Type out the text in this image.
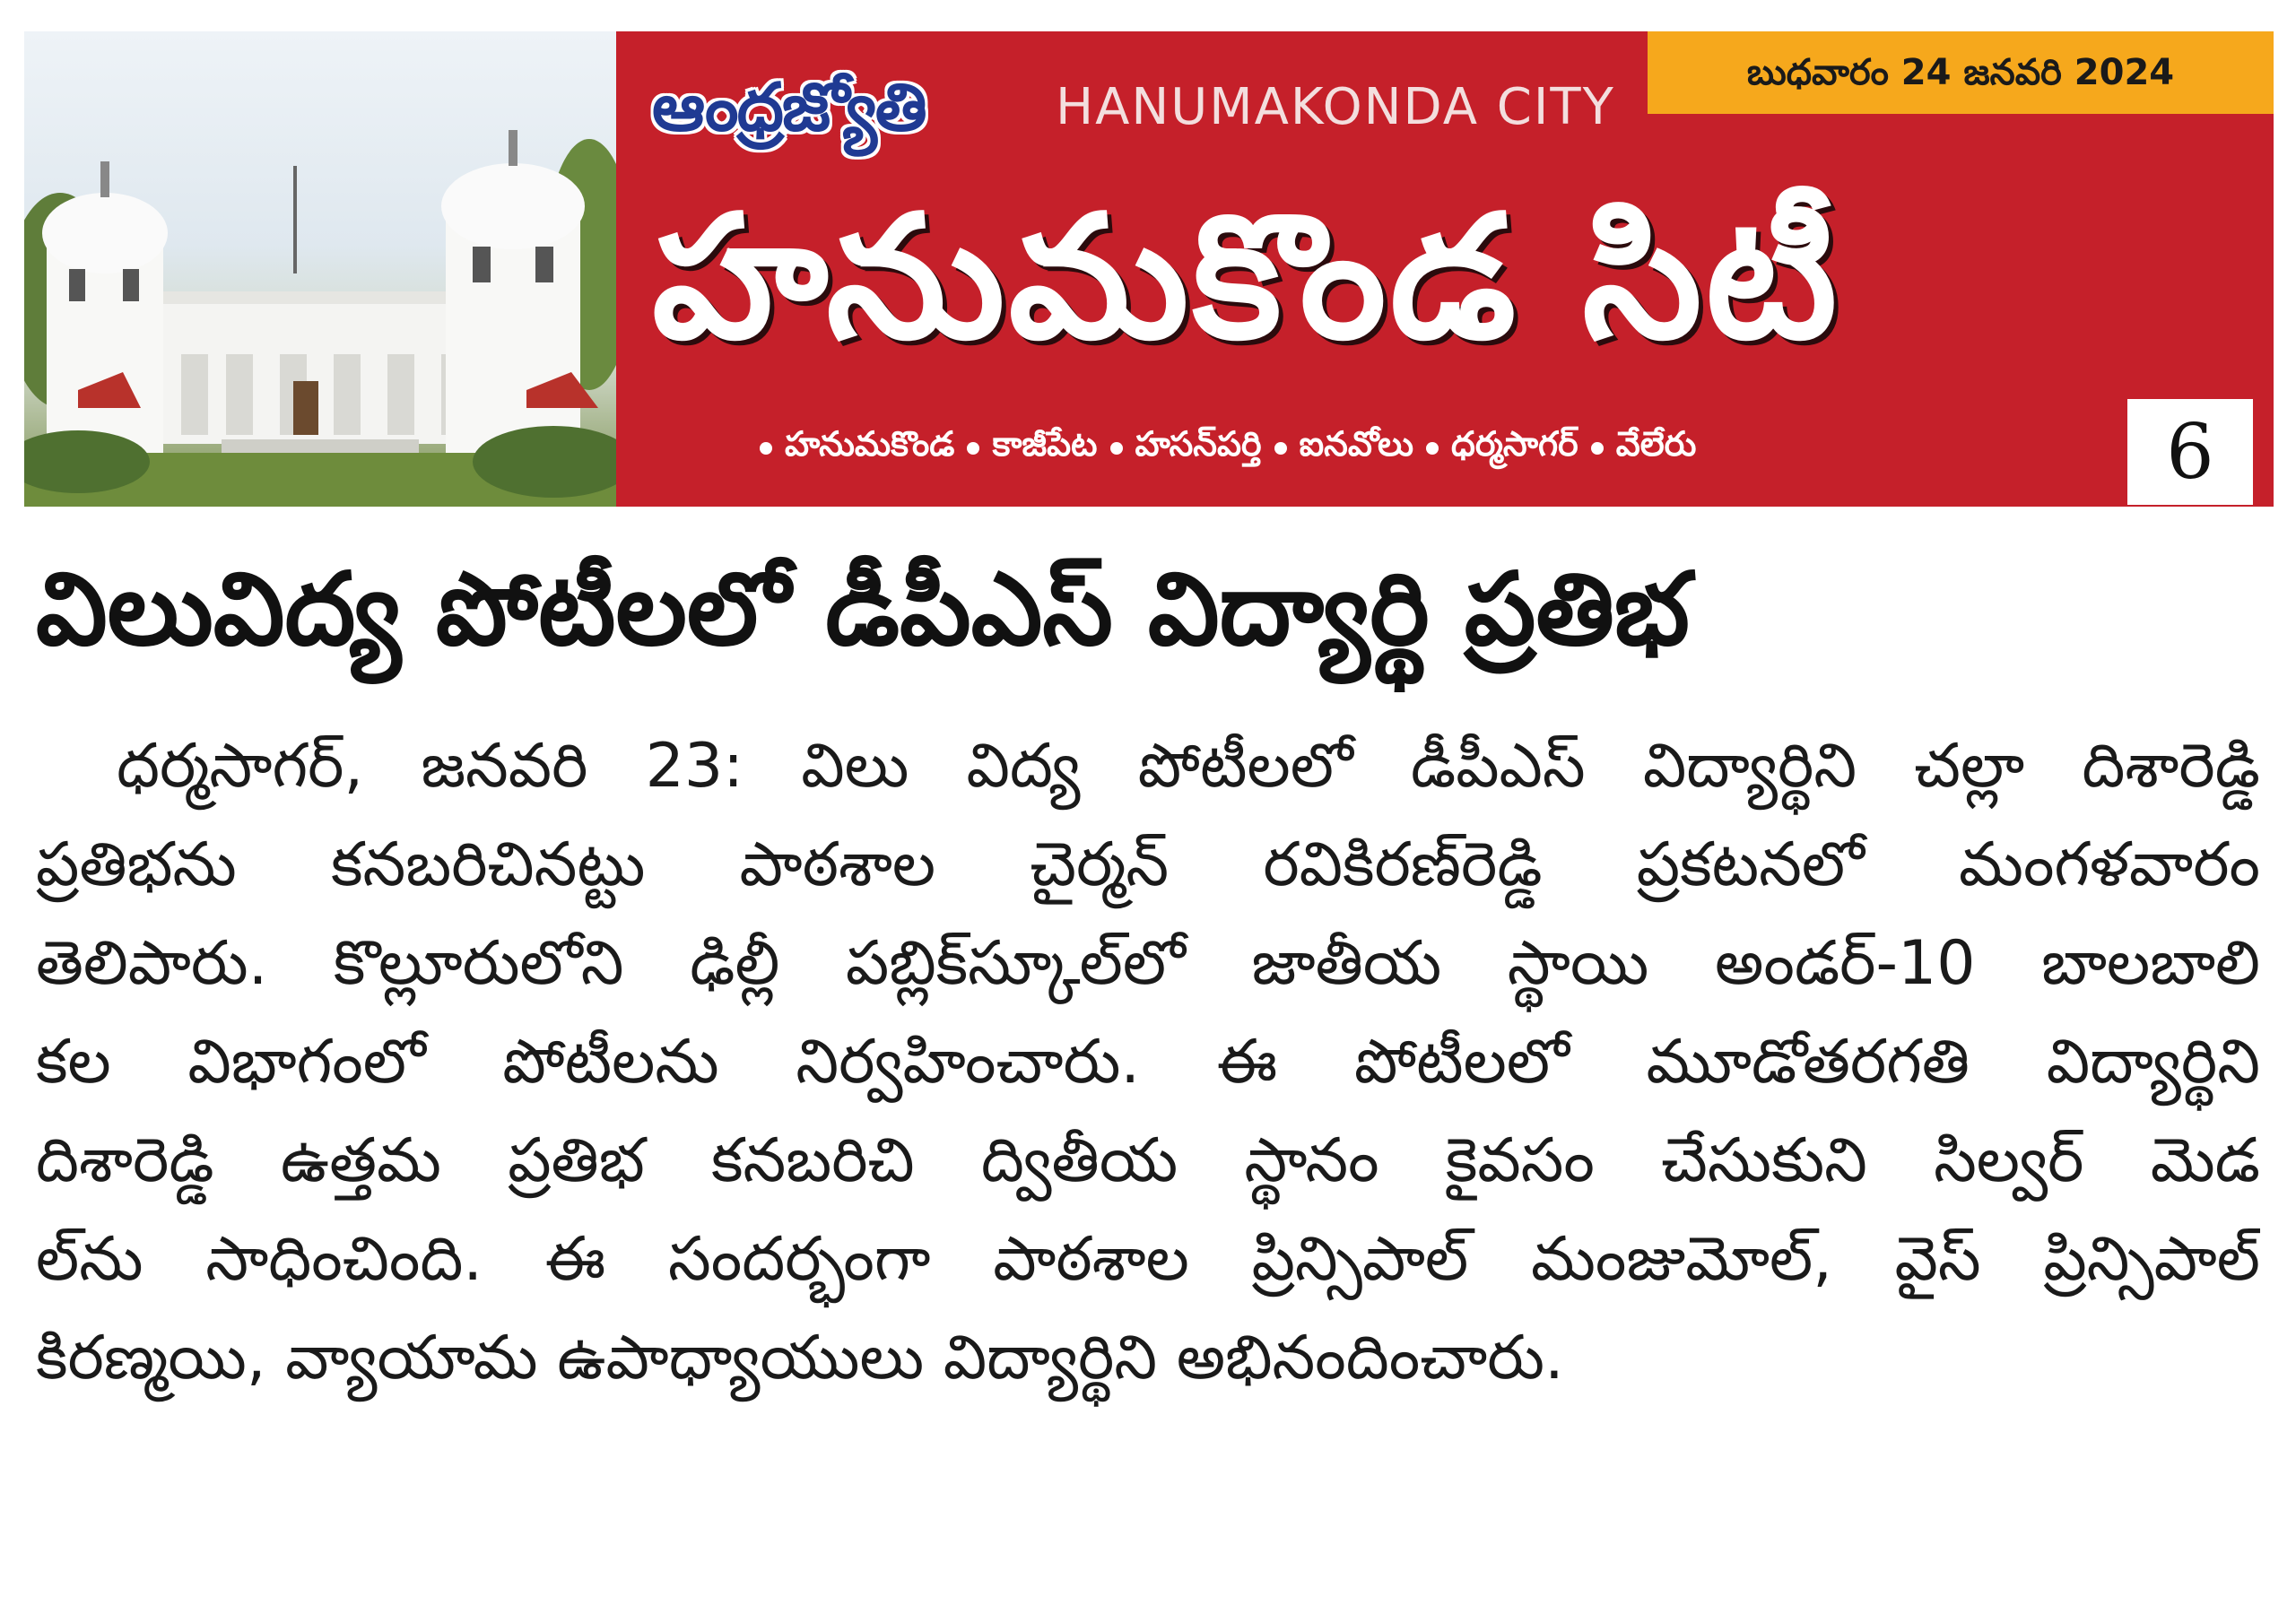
ఆంధ్రజ్యోతి	HANUMAKONDA CITY
బుధవారం 24 జనవరి 2024
హనుమకొండ సిటీ
హనుమకొండ కాజీపేట హసన్‌పర్తి ఐనవోలు ధర్మసాగర్ వేలేరు	6
విలువిద్య పోటీలలో డీపీఎస్ విద్యార్థి ప్రతిభ
ధర్మసాగర్, జనవరి 23: విలు విద్య పోటీలలో డీపీఎస్ విద్యార్థిని చల్లా దిశారెడ్డి
ప్రతిభను కనబరిచినట్టు పాఠశాల చైర్మన్ రవికిరణ్‌రెడ్డి ప్రకటనలో మంగళవారం
తెలిపారు. కొల్లూరులోని ఢిల్లీ పబ్లిక్‌స్కూల్‌లో జాతీయ స్థాయి అండర్-10 బాలబాలి
కల విభాగంలో పోటీలను నిర్వహించారు. ఈ పోటీలలో మూడోతరగతి విద్యార్థిని
దిశారెడ్డి ఉత్తమ ప్రతిభ కనబరిచి ద్వితీయ స్థానం కైవసం చేసుకుని సిల్వర్ మెడ
ల్‌ను సాధించింది. ఈ సందర్భంగా పాఠశాల ప్రిన్సిపాల్ మంజుమోల్, వైస్ ప్రిన్సిపాల్
కిరణ్మయి, వ్యాయామ ఉపాధ్యాయులు విద్యార్థిని అభినందించారు.
